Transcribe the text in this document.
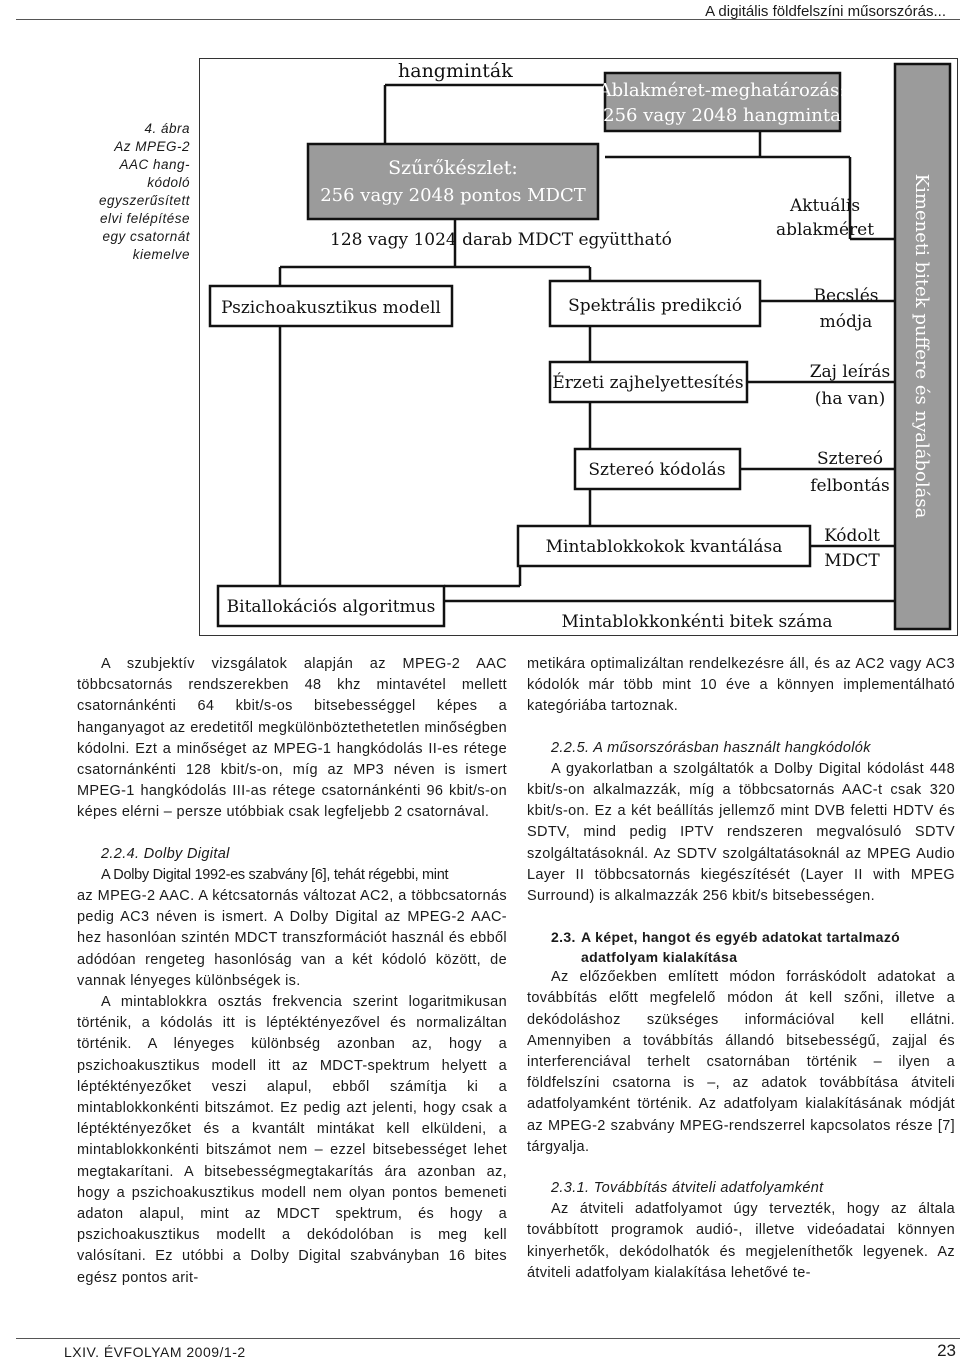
A digitális földfelszíni műsorszórás...
4. ábra
Az MPEG-2
AAC hang-
kódoló
egyszerűsített
elvi felépítése
egy csatornát
kiemelve
hangminták
Ablakméret-meghatározás:
256 vagy 2048 hangminta
Szűrőkészlet:
256 vagy 2048 pontos MDCT
128 vagy 1024 darab MDCT együttható
Aktuális
ablakméret
Pszichoakusztikus modell	Spektrális predikció	Becslés
módja
Érzeti zajhelyettesítés
Zaj leírás
(ha van)
Sztereó kódolás
Sztereó
felbontás
Mintablokkokok kvantálása
Kódolt
MDCT
Bitallokációs algoritmus
Mintablokkonkénti bitek száma
Kimeneti bitek puffere és nyalábolása

A szubjektív vizsgálatok alapján az MPEG-2 AAC többcsatornás rendszerekben 48 khz mintavétel mellett csatornánkénti 64 kbit/s-os bitsebességgel képes a hanganyagot az eredetitől megkülönböztethetetlen minőségben kódolni. Ezt a minőséget az MPEG-1 hangkódolás II-es rétege csatornánkénti 128 kbit/s-on, míg az MP3 néven is ismert MPEG-1 hangkódolás III-as rétege csatornánkénti 96 kbit/s-on képes elérni – persze utóbbiak csak legfeljebb 2 csatornával.

2.2.4. Dolby Digital

A Dolby Digital 1992-es szabvány [6], tehát régebbi, mint

az MPEG-2 AAC. A kétcsatornás változat AC2, a többcsatornás pedig AC3 néven is ismert. A Dolby Digital az MPEG-2 AAC-hez hasonlóan szintén MDCT transzformációt használ és ebből adódóan rengeteg hasonlóság van a két kódoló között, de vannak lényeges különbségek is.

A mintablokkra osztás frekvencia szerint logaritmikusan történik, a kódolás itt is léptéktényezővel és normalizáltan történik. A lényeges különbség azonban az, hogy a pszichoakusztikus modell itt az MDCT-spektrum helyett a léptéktényezőket veszi alapul, ebből számítja ki a mintablokkonkénti bitszámot. Ez pedig azt jelenti, hogy csak a léptéktényezőket és a kvantált mintákat kell elküldeni, a mintablokkonkénti bitszámot nem – ezzel bitsebességet lehet megtakarítani. A bitsebességmegtakarítás ára azonban az, hogy a pszichoakusztikus modell nem olyan pontos bemeneti adaton alapul, mint az MDCT spektrum, és hogy a pszichoakusztikus modellt a dekódolóban is meg kell valósítani. Ez utóbbi a Dolby Digital szabványban 16 bites egész pontos arit-

metikára optimalizáltan rendelkezésre áll, és az AC2 vagy AC3 kódolók már több mint 10 éve a könnyen implementálható kategóriába tartoznak.

2.2.5. A műsorszórásban használt hangkódolók

A gyakorlatban a szolgáltatók a Dolby Digital kódolást 448 kbit/s-on alkalmazzák, míg a többcsatornás AAC-t csak 320 kbit/s-on. Ez a két beállítás jellemző mint DVB feletti HDTV és SDTV, mind pedig IPTV rendszeren megvalósuló SDTV szolgáltatásoknál. Az SDTV szolgáltatásoknál az MPEG Audio Layer II többcsatornás kiegészítését (Layer II with MPEG Surround) is alkalmazzák 256 kbit/s bitsebességen.

2.3. A képet, hangot és egyéb adatokat tartalmazó
adatfolyam kialakítása

Az előzőekben említett módon forráskódolt adatokat a továbbítás előtt megfelelő módon át kell szőni, illetve a dekódoláshoz szükséges információval kell ellátni. Amennyiben a továbbítás állandó bitsebességű, zajjal és interferenciával terhelt csatornában történik – ilyen a földfelszíni csatorna is –, az adatok továbbítása átviteli adatfolyamként történik. Az adatfolyam kialakításának módját az MPEG-2 szabvány MPEG-rendszerrel kapcsolatos része [7] tárgyalja.

2.3.1. Továbbítás átviteli adatfolyamként

Az átviteli adatfolyamot úgy tervezték, hogy az általa továbbított programok audió-, illetve videóadatai könnyen kinyerhetők, dekódolhatók és megjeleníthetők legyenek. Az átviteli adatfolyam kialakítása lehetővé te-

LXIV. ÉVFOLYAM 2009/1-2	23
